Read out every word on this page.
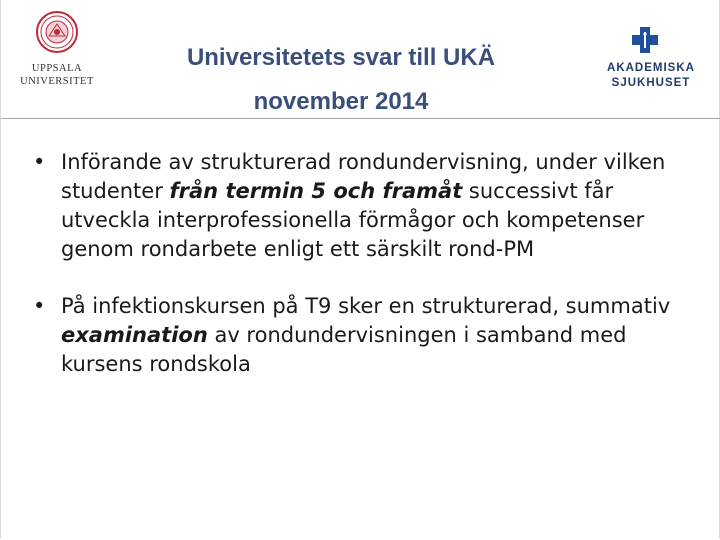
UPPSALA
UNIVERSITET
Universitetets svar till UKÄ
november 2014
AKADEMISKA
SJUKHUSET
• Införande av strukturerad rondundervisning, under vilken studenter från termin 5 och framåt successivt får utveckla interprofessionella förmågor och kompetenser genom rondarbete enligt ett särskilt rond-PM
• På infektionskursen på T9 sker en strukturerad, summativ examination av rondundervisningen i samband med kursens rondskola
